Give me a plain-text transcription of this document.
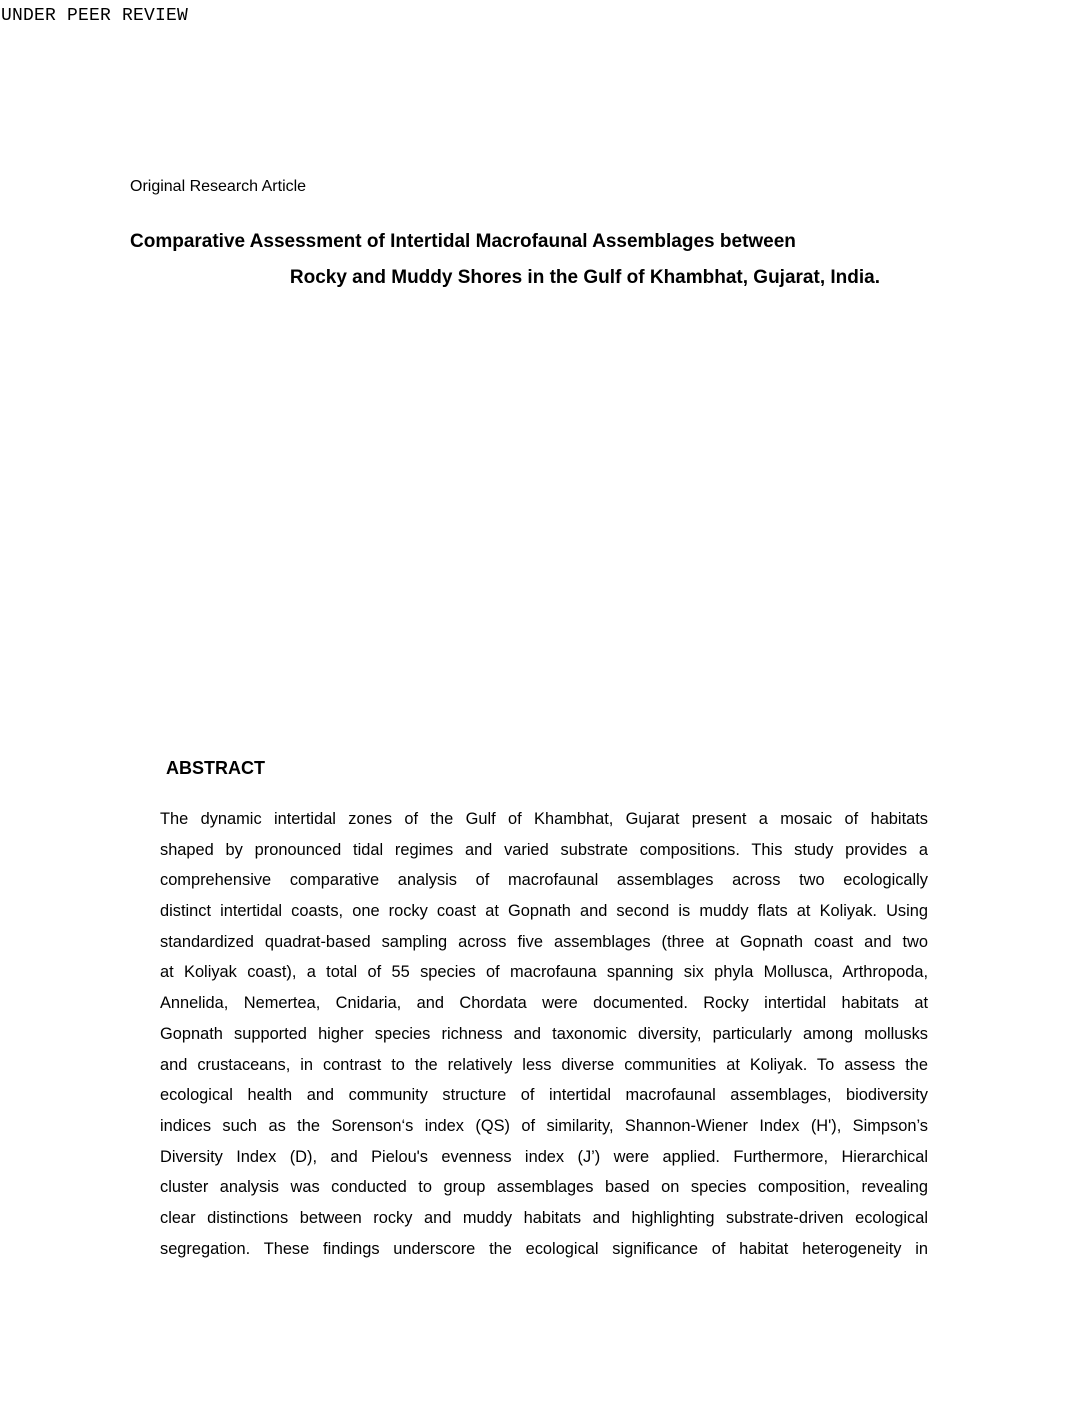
UNDER PEER REVIEW
Original Research Article
Comparative Assessment of Intertidal Macrofaunal Assemblages between
Rocky and Muddy Shores in the Gulf of Khambhat, Gujarat, India.
ABSTRACT
The dynamic intertidal zones of the Gulf of Khambhat, Gujarat present a mosaic of habitats
shaped by pronounced tidal regimes and varied substrate compositions. This study provides a
comprehensive comparative analysis of macrofaunal assemblages across two ecologically
distinct intertidal coasts, one rocky coast at Gopnath and second is muddy flats at Koliyak. Using
standardized quadrat-based sampling across five assemblages (three at Gopnath coast and two
at Koliyak coast), a total of 55 species of macrofauna spanning six phyla Mollusca, Arthropoda,
Annelida, Nemertea, Cnidaria, and Chordata were documented. Rocky intertidal habitats at
Gopnath supported higher species richness and taxonomic diversity, particularly among mollusks
and crustaceans, in contrast to the relatively less diverse communities at Koliyak. To assess the
ecological health and community structure of intertidal macrofaunal assemblages, biodiversity
indices such as the Sorenson‘s index (QS) of similarity, Shannon-Wiener Index (H'), Simpson’s
Diversity Index (D), and Pielou's evenness index (J’) were applied. Furthermore, Hierarchical
cluster analysis was conducted to group assemblages based on species composition, revealing
clear distinctions between rocky and muddy habitats and highlighting substrate-driven ecological
segregation. These findings underscore the ecological significance of habitat heterogeneity in
